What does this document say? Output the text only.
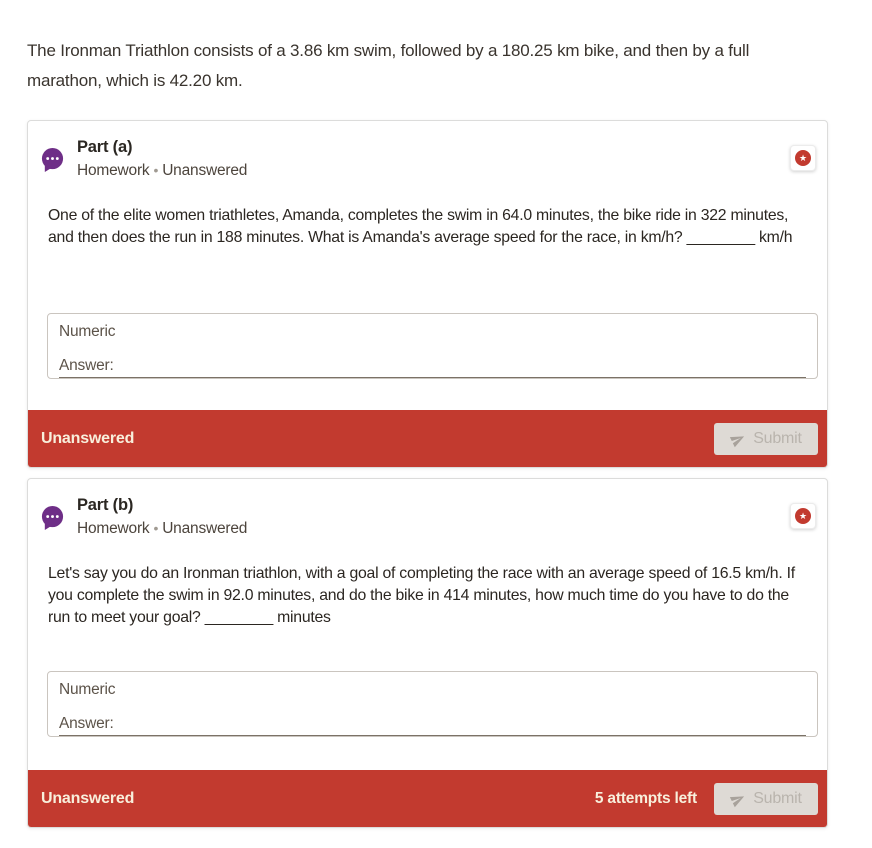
The Ironman Triathlon consists of a 3.86 km swim, followed by a 180.25 km bike, and then by a full marathon, which is 42.20 km.
Part (a)
Homework • Unanswered
★
One of the elite women triathletes, Amanda, completes the swim in 64.0 minutes, the bike ride in 322 minutes, and then does the run in 188 minutes. What is Amanda's average speed for the race, in km/h? ________ km/h
Numeric
Answer:
Unanswered	Submit
Part (b)
Homework • Unanswered
★
Let's say you do an Ironman triathlon, with a goal of completing the race with an average speed of 16.5 km/h. If you complete the swim in 92.0 minutes, and do the bike in 414 minutes, how much time do you have to do the run to meet your goal? ________ minutes
Numeric
Answer:
Unanswered	5 attempts left	Submit
